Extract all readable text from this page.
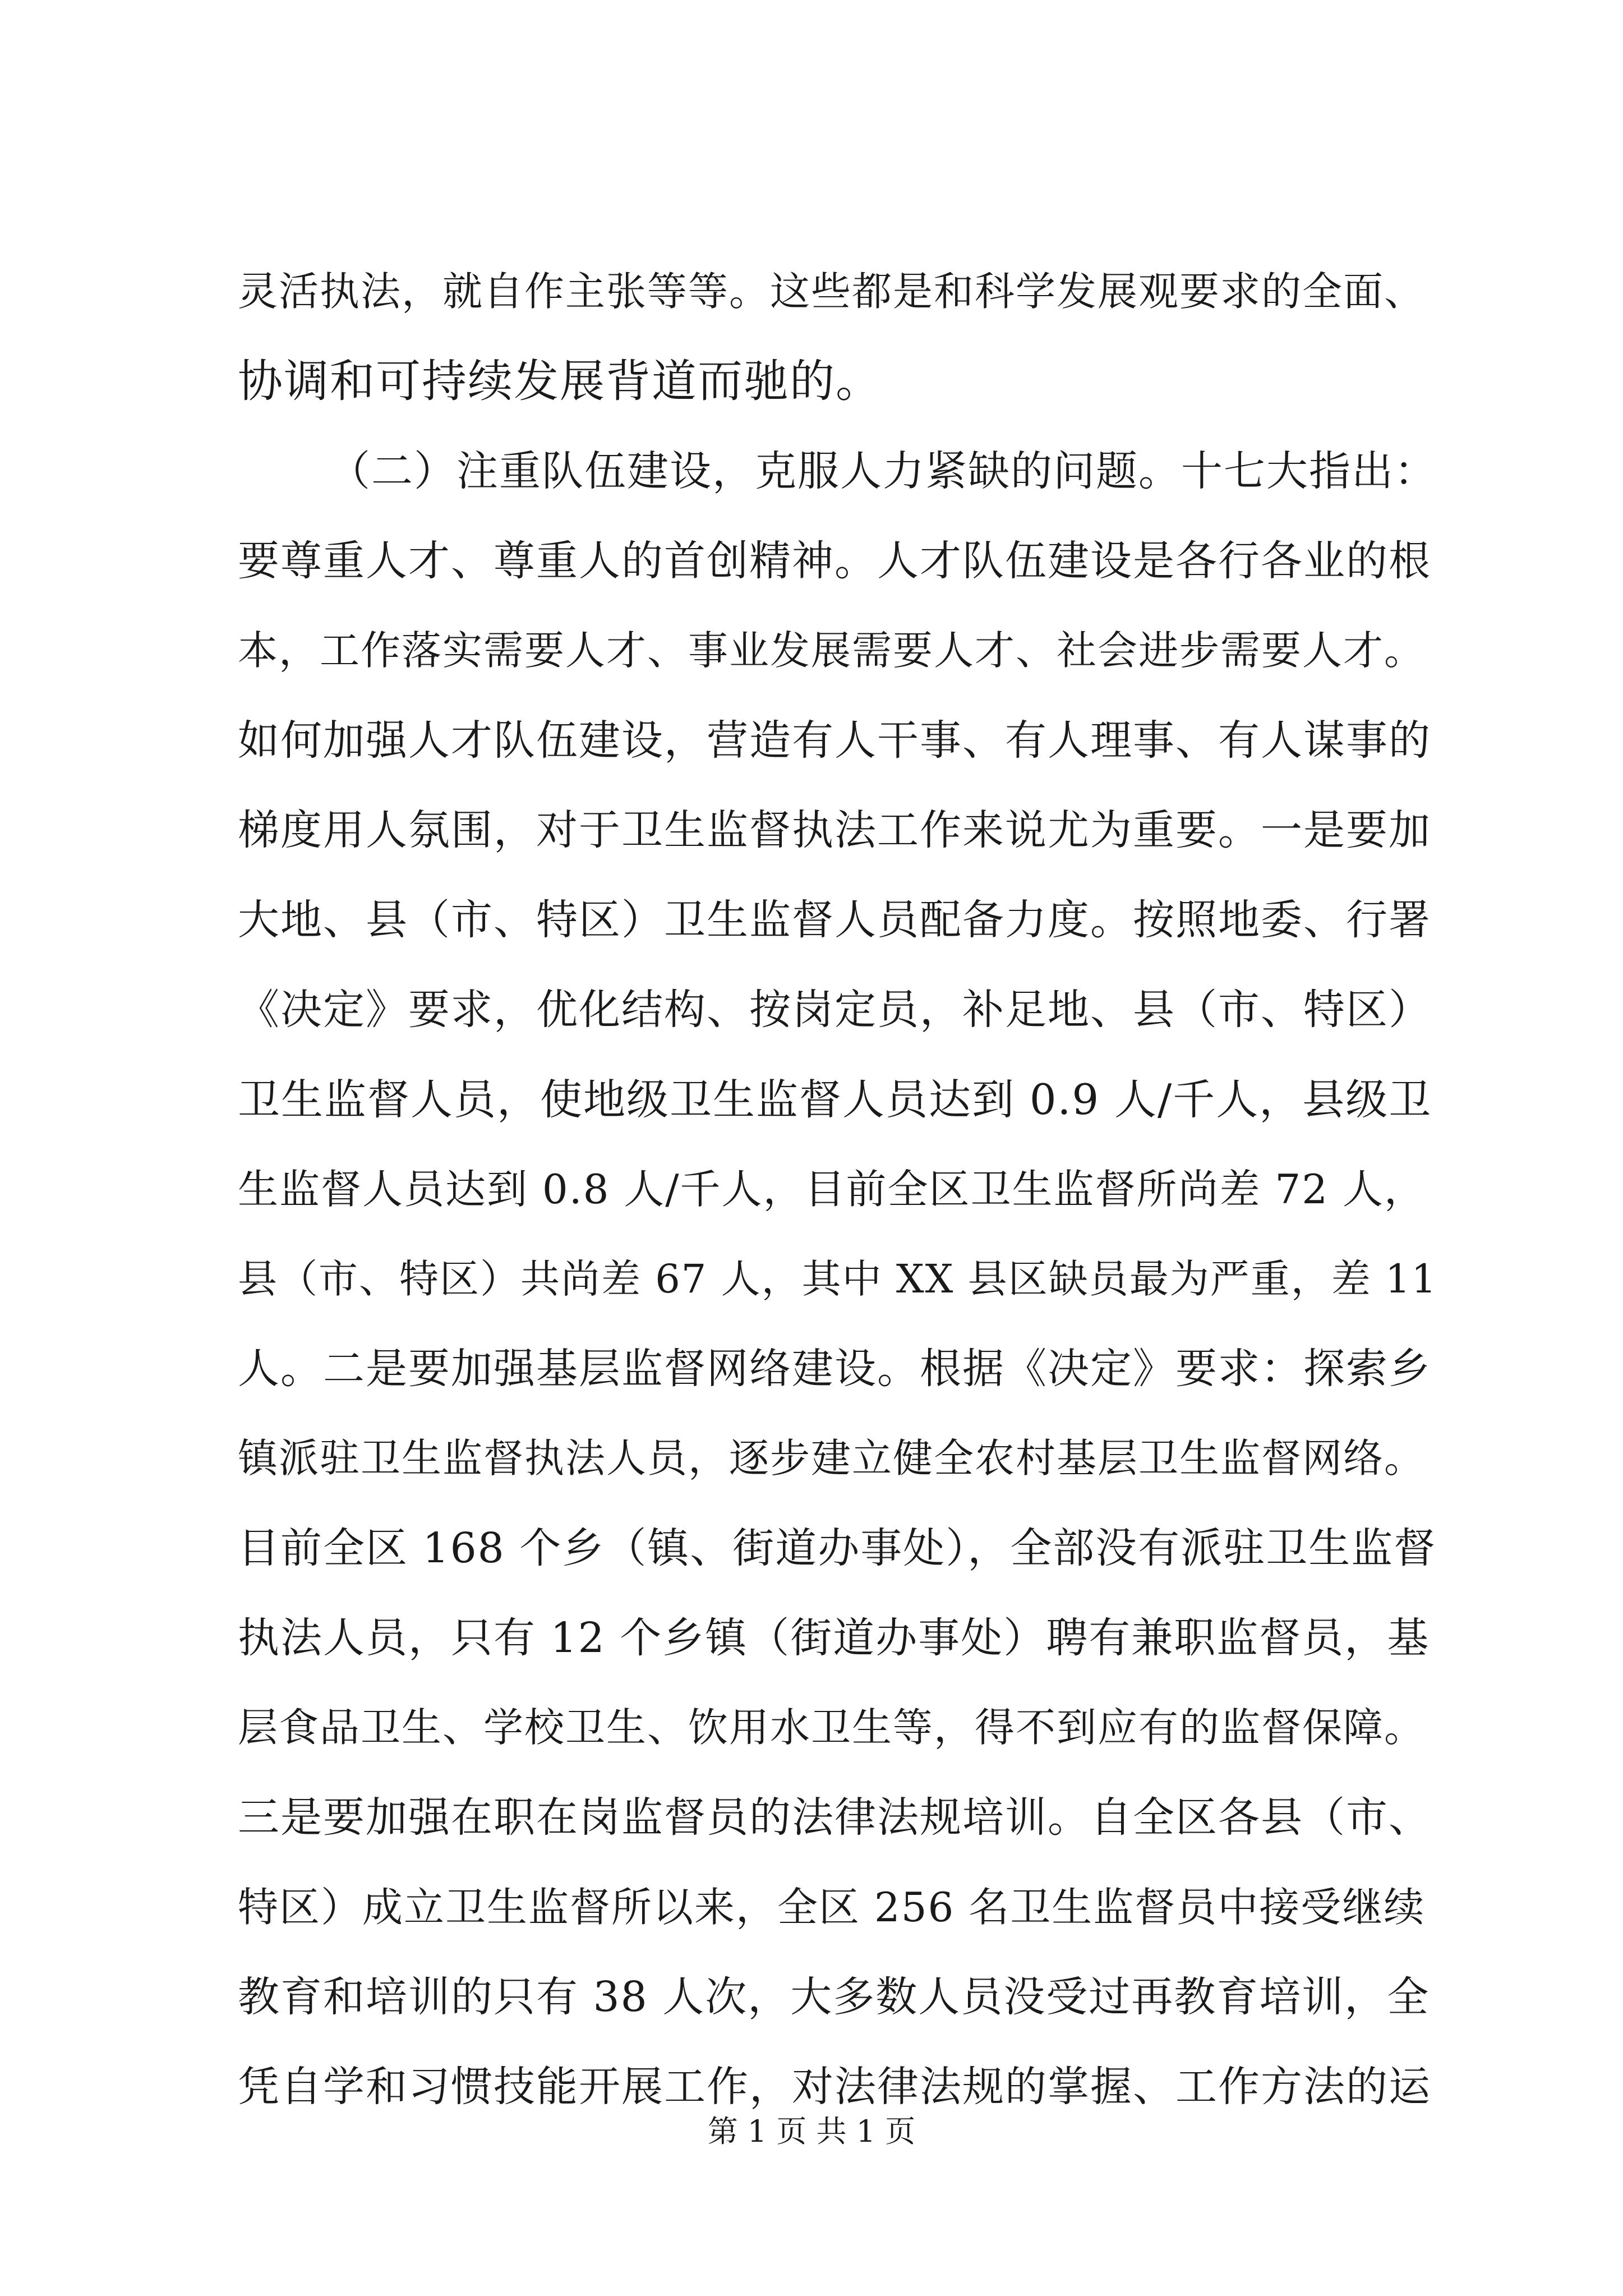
灵活执法，就自作主张等等。这些都是和科学发展观要求的全面、
协调和可持续发展背道而驰的。
（二）注重队伍建设，克服人力紧缺的问题。十七大指出：
要尊重人才、尊重人的首创精神。人才队伍建设是各行各业的根
本，工作落实需要人才、事业发展需要人才、社会进步需要人才。
如何加强人才队伍建设，营造有人干事、有人理事、有人谋事的
梯度用人氛围，对于卫生监督执法工作来说尤为重要。一是要加
大地、县（市、特区）卫生监督人员配备力度。按照地委、行署
《决定》要求，优化结构、按岗定员，补足地、县（市、特区）
卫生监督人员，使地级卫生监督人员达到 0.9 人/千人，县级卫
生监督人员达到 0.8 人/千人，目前全区卫生监督所尚差 72 人，
县（市、特区）共尚差 67 人，其中 XX 县区缺员最为严重，差 11
人。二是要加强基层监督网络建设。根据《决定》要求：探索乡
镇派驻卫生监督执法人员，逐步建立健全农村基层卫生监督网络。
目前全区 168 个乡（镇、街道办事处），全部没有派驻卫生监督
执法人员，只有 12 个乡镇（街道办事处）聘有兼职监督员，基
层食品卫生、学校卫生、饮用水卫生等，得不到应有的监督保障。
三是要加强在职在岗监督员的法律法规培训。自全区各县（市、
特区）成立卫生监督所以来，全区 256 名卫生监督员中接受继续
教育和培训的只有 38 人次，大多数人员没受过再教育培训，全
凭自学和习惯技能开展工作，对法律法规的掌握、工作方法的运
第 1 页 共 1 页
